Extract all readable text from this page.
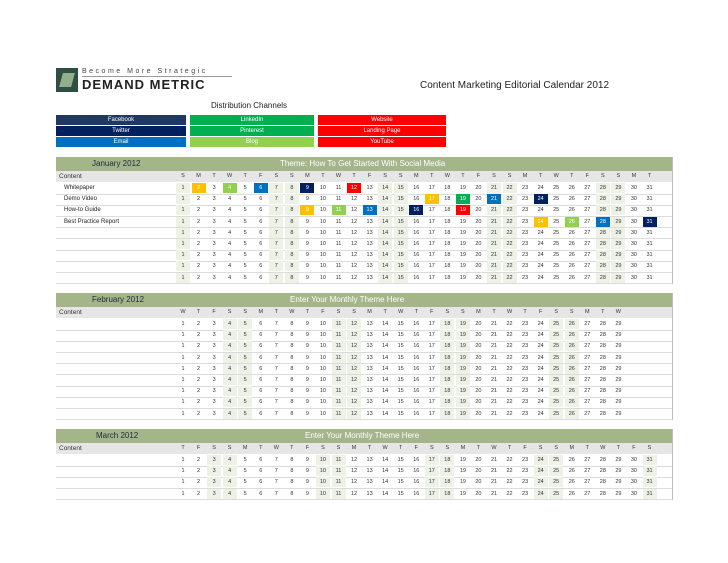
Become More Strategic
DEMAND METRIC	Content Marketing Editorial Calendar 2012
Distribution Channels
Facebook	LinkedIn	Website
Twitter	Pinterest	Landing Page
Email	Blog	YouTube
January 2012	Theme: How To Get Started With Social Media
Content	S	M	T	W	T	F	S	S	M	T	W	T	F	S	S	M	T	W	T	F	S	S	M	T	W	T	F	S	S	M	T
Whitepaper	1	2	3	4	5	6	7	8	9	10	11	12	13	14	15	16	17	18	19	20	21	22	23	24	25	26	27	28	29	30	31
Demo Video	1	2	3	4	5	6	7	8	9	10	11	12	13	14	15	16	17	18	19	20	21	22	23	24	25	26	27	28	29	30	31
How-to Guide	1	2	3	4	5	6	7	8	9	10	11	12	13	14	15	16	17	18	19	20	21	22	23	24	25	26	27	28	29	30	31
Best Practice Report	1	2	3	4	5	6	7	8	9	10	11	12	13	14	15	16	17	18	19	20	21	22	23	24	25	26	27	28	29	30	31
1	2	3	4	5	6	7	8	9	10	11	12	13	14	15	16	17	18	19	20	21	22	23	24	25	26	27	28	29	30	31
1	2	3	4	5	6	7	8	9	10	11	12	13	14	15	16	17	18	19	20	21	22	23	24	25	26	27	28	29	30	31
1	2	3	4	5	6	7	8	9	10	11	12	13	14	15	16	17	18	19	20	21	22	23	24	25	26	27	28	29	30	31
1	2	3	4	5	6	7	8	9	10	11	12	13	14	15	16	17	18	19	20	21	22	23	24	25	26	27	28	29	30	31
1	2	3	4	5	6	7	8	9	10	11	12	13	14	15	16	17	18	19	20	21	22	23	24	25	26	27	28	29	30	31
February 2012	Enter Your Monthly Theme Here
Content	W	T	F	S	S	M	T	W	T	F	S	S	M	T	W	T	F	S	S	M	T	W	T	F	S	S	M	T	W
1	2	3	4	5	6	7	8	9	10	11	12	13	14	15	16	17	18	19	20	21	22	23	24	25	26	27	28	29
1	2	3	4	5	6	7	8	9	10	11	12	13	14	15	16	17	18	19	20	21	22	23	24	25	26	27	28	29
1	2	3	4	5	6	7	8	9	10	11	12	13	14	15	16	17	18	19	20	21	22	23	24	25	26	27	28	29
1	2	3	4	5	6	7	8	9	10	11	12	13	14	15	16	17	18	19	20	21	22	23	24	25	26	27	28	29
1	2	3	4	5	6	7	8	9	10	11	12	13	14	15	16	17	18	19	20	21	22	23	24	25	26	27	28	29
1	2	3	4	5	6	7	8	9	10	11	12	13	14	15	16	17	18	19	20	21	22	23	24	25	26	27	28	29
1	2	3	4	5	6	7	8	9	10	11	12	13	14	15	16	17	18	19	20	21	22	23	24	25	26	27	28	29
1	2	3	4	5	6	7	8	9	10	11	12	13	14	15	16	17	18	19	20	21	22	23	24	25	26	27	28	29
1	2	3	4	5	6	7	8	9	10	11	12	13	14	15	16	17	18	19	20	21	22	23	24	25	26	27	28	29
March 2012	Enter Your Monthly Theme Here
Content	T	F	S	S	M	T	W	T	F	S	S	M	T	W	T	F	S	S	M	T	W	T	F	S	S	M	T	W	T	F	S
1	2	3	4	5	6	7	8	9	10	11	12	13	14	15	16	17	18	19	20	21	22	23	24	25	26	27	28	29	30	31
1	2	3	4	5	6	7	8	9	10	11	12	13	14	15	16	17	18	19	20	21	22	23	24	25	26	27	28	29	30	31
1	2	3	4	5	6	7	8	9	10	11	12	13	14	15	16	17	18	19	20	21	22	23	24	25	26	27	28	29	30	31
1	2	3	4	5	6	7	8	9	10	11	12	13	14	15	16	17	18	19	20	21	22	23	24	25	26	27	28	29	30	31
